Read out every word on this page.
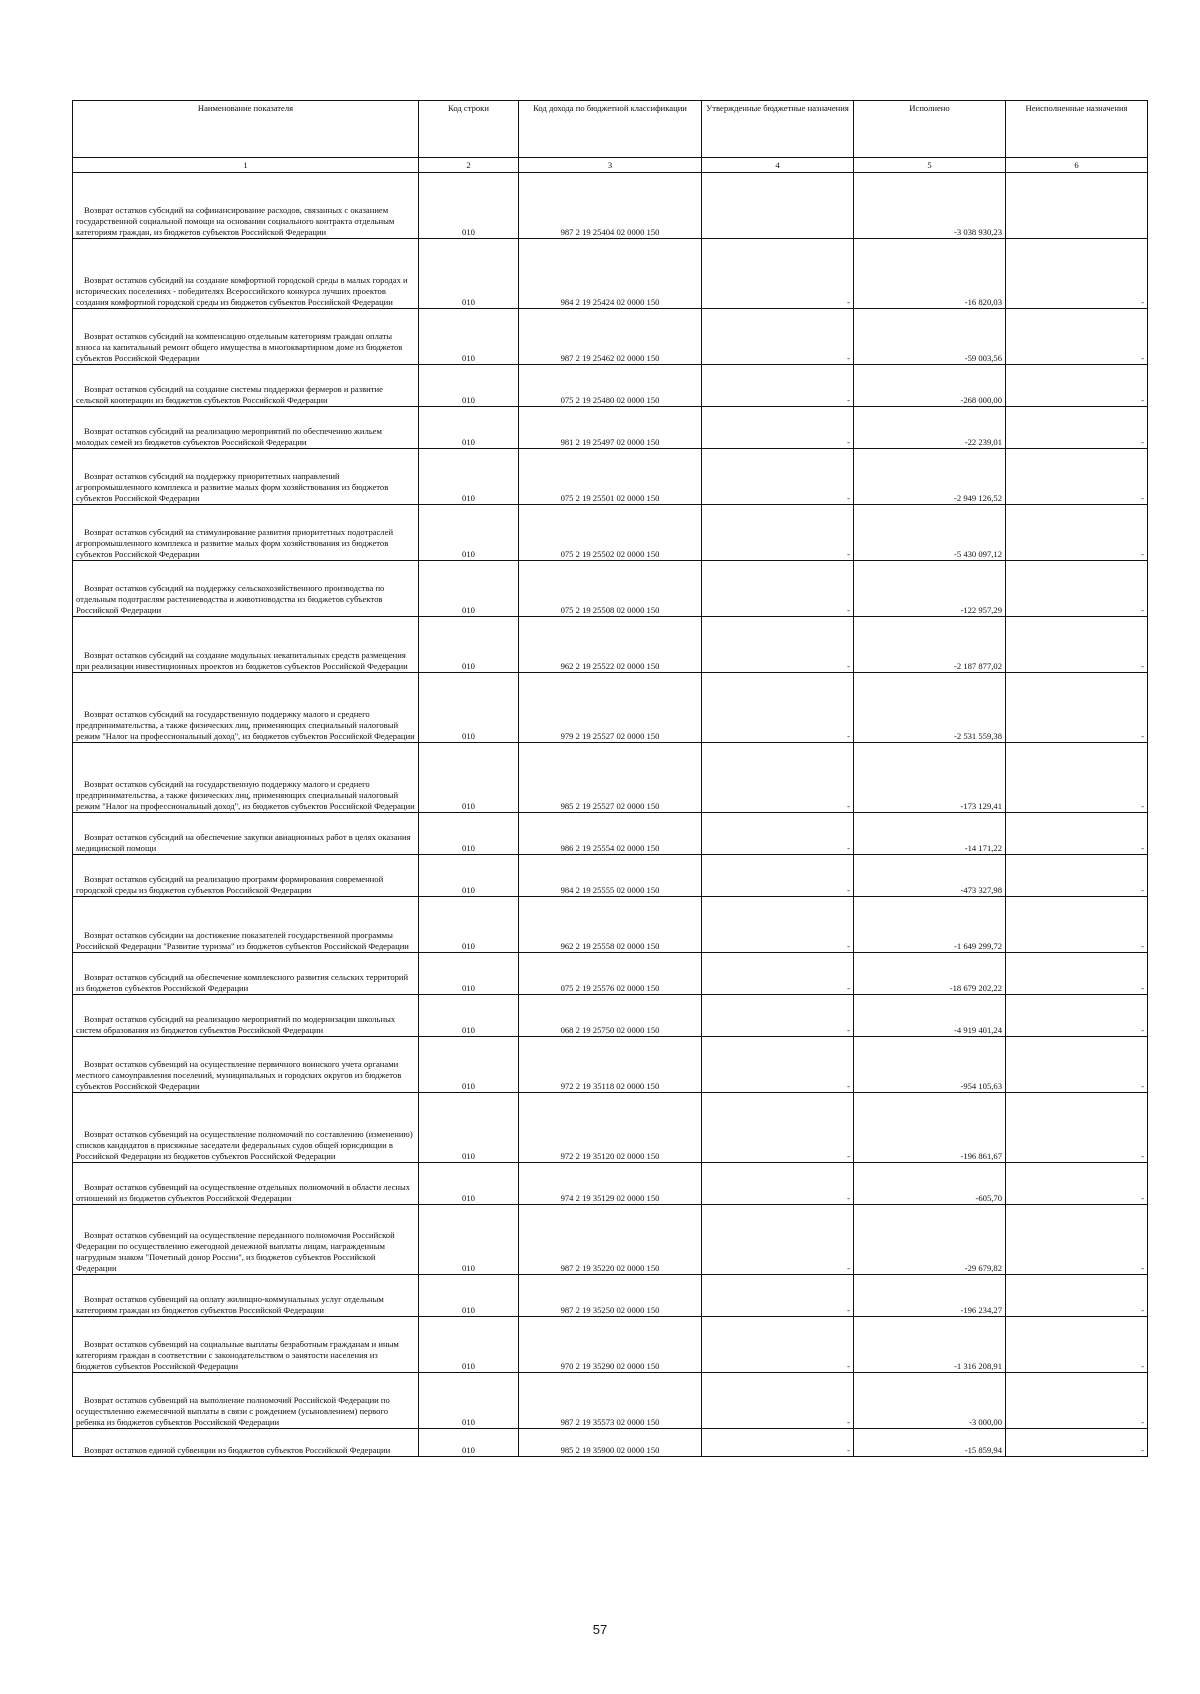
Наименование показателя	Код строки	Код дохода по бюджетной классификации	Утвержденные бюджетные назначения	Исполнено	Неисполненные назначения
1	2	3	4	5	6

Возврат остатков субсидий на софинансирование расходов, связанных с оказанием государственной социальной помощи на основании социального контракта отдельным категориям граждан, из бюджетов субъектов Российской Федерации	010	987 2 19 25404 02 0000 150		-3 038 930,23	

Возврат остатков субсидий на создание комфортной городской среды в малых городах и исторических поселениях - победителях Всероссийского конкурса лучших проектов создания комфортной городской среды из бюджетов субъектов Российской Федерации	010	984 2 19 25424 02 0000 150	-	-16 820,03	-

Возврат остатков субсидий на компенсацию отдельным категориям граждан оплаты взноса на капитальный ремонт общего имущества в многоквартирном доме из бюджетов субъектов Российской Федерации	010	987 2 19 25462 02 0000 150	-	-59 003,56	-

Возврат остатков субсидий на создание системы поддержки фермеров и развитие сельской кооперации из бюджетов субъектов Российской Федерации	010	075 2 19 25480 02 0000 150	-	-268 000,00	-

Возврат остатков субсидий на реализацию мероприятий по обеспечению жильем молодых семей из бюджетов субъектов Российской Федерации	010	981 2 19 25497 02 0000 150	-	-22 239,01	-

Возврат остатков субсидий на поддержку приоритетных направлений агропромышленного комплекса и развитие малых форм хозяйствования из бюджетов субъектов Российской Федерации	010	075 2 19 25501 02 0000 150	-	-2 949 126,52	-

Возврат остатков субсидий на стимулирование развития приоритетных подотраслей агропромышленного комплекса и развитие малых форм хозяйствования из бюджетов субъектов Российской Федерации	010	075 2 19 25502 02 0000 150	-	-5 430 097,12	-

Возврат остатков субсидий на поддержку сельскохозяйственного производства по отдельным подотраслям растениеводства и животноводства из бюджетов субъектов Российской Федерации	010	075 2 19 25508 02 0000 150	-	-122 957,29	-

Возврат остатков субсидий на создание модульных некапитальных средств размещения при реализации инвестиционных проектов из бюджетов субъектов Российской Федерации	010	962 2 19 25522 02 0000 150	-	-2 187 877,02	-

Возврат остатков субсидий на государственную поддержку малого и среднего предпринимательства, а также физических лиц, применяющих специальный налоговый режим "Налог на профессиональный доход", из бюджетов субъектов Российской Федерации	010	979 2 19 25527 02 0000 150	-	-2 531 559,38	-

Возврат остатков субсидий на государственную поддержку малого и среднего предпринимательства, а также физических лиц, применяющих специальный налоговый режим "Налог на профессиональный доход", из бюджетов субъектов Российской Федерации	010	985 2 19 25527 02 0000 150	-	-173 129,41	-

Возврат остатков субсидий на обеспечение закупки авиационных работ в целях оказания медицинской помощи	010	986 2 19 25554 02 0000 150	-	-14 171,22	-

Возврат остатков субсидий на реализацию программ формирования современной городской среды из бюджетов субъектов Российской Федерации	010	984 2 19 25555 02 0000 150	-	-473 327,98	-

Возврат остатков субсидии на достижение показателей государственной программы Российской Федерации "Развитие туризма" из бюджетов субъектов Российской Федерации	010	962 2 19 25558 02 0000 150	-	-1 649 299,72	-

Возврат остатков субсидий на обеспечение комплексного развития сельских территорий из бюджетов субъектов Российской Федерации	010	075 2 19 25576 02 0000 150	-	-18 679 202,22	-

Возврат остатков субсидий на реализацию мероприятий по модернизации школьных систем образования из бюджетов субъектов Российской Федерации	010	068 2 19 25750 02 0000 150	-	-4 919 401,24	-

Возврат остатков субвенций на осуществление первичного воинского учета органами местного самоуправления поселений, муниципальных и городских округов из бюджетов субъектов Российской Федерации	010	972 2 19 35118 02 0000 150	-	-954 105,63	-

Возврат остатков субвенций на осуществление полномочий по составлению (изменению) списков кандидатов в присяжные заседатели федеральных судов общей юрисдикции в Российской Федерации из бюджетов субъектов Российской Федерации	010	972 2 19 35120 02 0000 150	-	-196 861,67	-

Возврат остатков субвенций на осуществление отдельных полномочий в области лесных отношений из бюджетов субъектов Российской Федерации	010	974 2 19 35129 02 0000 150	-	-605,70	-

Возврат остатков субвенций на осуществление переданного полномочия Российской Федерации по осуществлению ежегодной денежной выплаты лицам, награжденным нагрудным знаком "Почетный донор России", из бюджетов субъектов Российской Федерации	010	987 2 19 35220 02 0000 150	-	-29 679,82	-

Возврат остатков субвенций на оплату жилищно-коммунальных услуг отдельным категориям граждан из бюджетов субъектов Российской Федерации	010	987 2 19 35250 02 0000 150	-	-196 234,27	-

Возврат остатков субвенций на социальные выплаты безработным гражданам и иным категориям граждан в соответствии с законодательством о занятости населения из бюджетов субъектов Российской Федерации	010	970 2 19 35290 02 0000 150	-	-1 316 208,91	-

Возврат остатков субвенций на выполнение полномочий Российской Федерации по осуществлению ежемесячной выплаты в связи с рождением (усыновлением) первого ребенка из бюджетов субъектов Российской Федерации	010	987 2 19 35573 02 0000 150	-	-3 000,00	-

Возврат остатков единой субвенции из бюджетов субъектов Российской Федерации	010	985 2 19 35900 02 0000 150	-	-15 859,94	-
57
